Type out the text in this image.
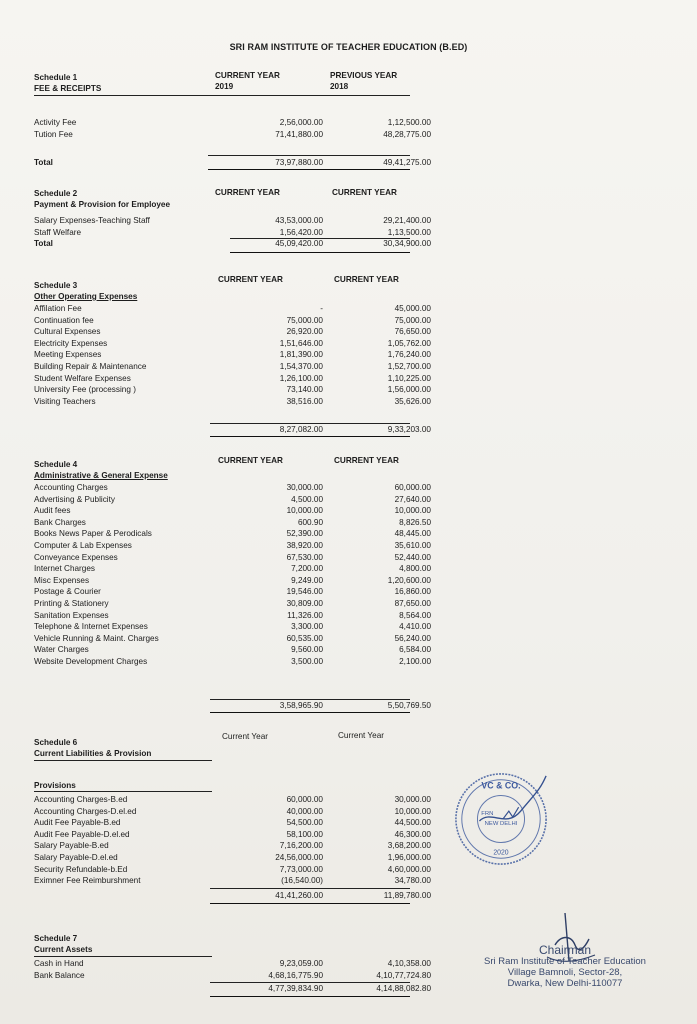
SRI RAM INSTITUTE OF TEACHER EDUCATION (B.ED)
Schedule 1
FEE & RECEIPTS
CURRENT YEAR
2019
PREVIOUS YEAR
2018
Activity Fee	2,56,000.00	1,12,500.00
Tution Fee	71,41,880.00	48,28,775.00
Total	73,97,880.00	49,41,275.00
Schedule 2
Payment & Provision for Employee
CURRENT YEAR	CURRENT YEAR
Salary Expenses-Teaching Staff	43,53,000.00	29,21,400.00
Staff Welfare	1,56,420.00	1,13,500.00
Total	45,09,420.00	30,34,900.00
Schedule 3
Other Operating Expenses
CURRENT YEAR	CURRENT YEAR
Affilation Fee	-	45,000.00
Continuation fee	75,000.00	75,000.00
Cultural Expenses	26,920.00	76,650.00
Electricity Expenses	1,51,646.00	1,05,762.00
Meeting Expenses	1,81,390.00	1,76,240.00
Building Repair & Maintenance	1,54,370.00	1,52,700.00
Student Welfare Expenses	1,26,100.00	1,10,225.00
University Fee (processing )	73,140.00	1,56,000.00
Visiting Teachers	38,516.00	35,626.00
8,27,082.00	9,33,203.00
Schedule 4
Administrative & General Expense
CURRENT YEAR	CURRENT YEAR
Accounting Charges	30,000.00	60,000.00
Advertising & Publicity	4,500.00	27,640.00
Audit fees	10,000.00	10,000.00
Bank Charges	600.90	8,826.50
Books News Paper & Perodicals	52,390.00	48,445.00
Computer & Lab Expenses	38,920.00	35,610.00
Conveyance Expenses	67,530.00	52,440.00
Internet Charges	7,200.00	4,800.00
Misc Expenses	9,249.00	1,20,600.00
Postage & Courier	19,546.00	16,860.00
Printing & Stationery	30,809.00	87,650.00
Sanitation Expenses	11,326.00	8,564.00
Telephone & Internet Expenses	3,300.00	4,410.00
Vehicle Running & Maint. Charges	60,535.00	56,240.00
Water Charges	9,560.00	6,584.00
Website Development Charges	3,500.00	2,100.00
3,58,965.90	5,50,769.50
Schedule 6
Current Liabilities & Provision
Current Year	Current Year
Provisions
Accounting Charges-B.ed	60,000.00	30,000.00
Accounting Charges-D.el.ed	40,000.00	10,000.00
Audit Fee Payable-B.ed	54,500.00	44,500.00
Audit Fee Payable-D.el.ed	58,100.00	46,300.00
Salary Payable-B.ed	7,16,200.00	3,68,200.00
Salary Payable-D.el.ed	24,56,000.00	1,96,000.00
Security Refundable-b.Ed	7,73,000.00	4,60,000.00
Eximner Fee Reimburshment	(16,540.00)	34,780.00
41,41,260.00	11,89,780.00
Schedule 7
Current Assets
Cash in Hand	9,23,059.00	4,10,358.00
Bank Balance	4,68,16,775.90	4,10,77,724.80
4,77,39,834.90	4,14,88,082.80
VC & CO.
FRN
NEW DELHI
2020
Chairman
Sri Ram Institute of Teacher Education
Village Bamnoli, Sector-28,
Dwarka, New Delhi-110077
